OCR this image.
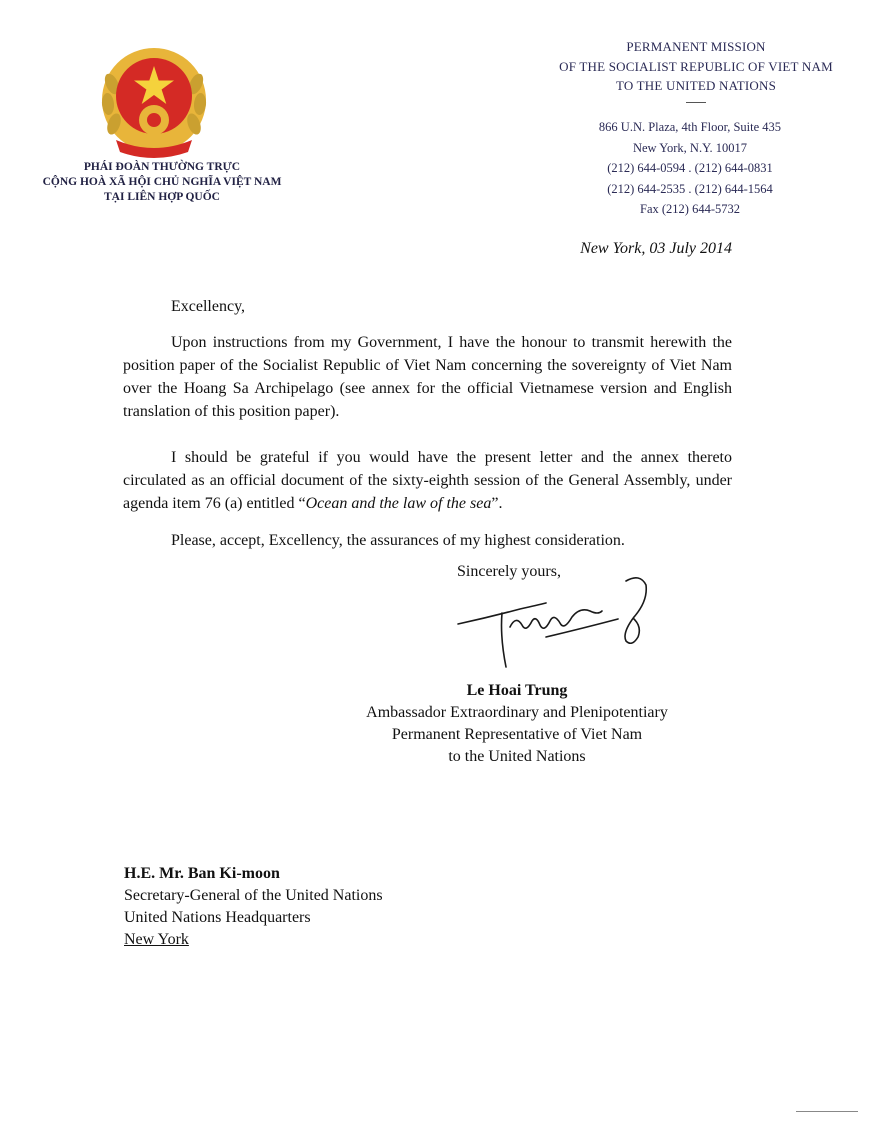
PHÁI ĐOÀN THƯỜNG TRỰC
CỘNG HOÀ XÃ HỘI CHỦ NGHĨA VIỆT NAM
TẠI LIÊN HỢP QUỐC
PERMANENT MISSION
OF THE SOCIALIST REPUBLIC OF VIET NAM
TO THE UNITED NATIONS
866 U.N. Plaza, 4th Floor, Suite 435
New York, N.Y. 10017
(212) 644-0594 . (212) 644-0831
(212) 644-2535 . (212) 644-1564
Fax (212) 644-5732
New York, 03 July 2014
Excellency,
Upon instructions from my Government, I have the honour to transmit herewith the position paper of the Socialist Republic of Viet Nam concerning the sovereignty of Viet Nam over the Hoang Sa Archipelago (see annex for the official Vietnamese version and English translation of this position paper).
I should be grateful if you would have the present letter and the annex thereto circulated as an official document of the sixty-eighth session of the General Assembly, under agenda item 76 (a) entitled “Ocean and the law of the sea”.
Please, accept, Excellency, the assurances of my highest consideration.
Sincerely yours,
Le Hoai Trung
Ambassador Extraordinary and Plenipotentiary
Permanent Representative of Viet Nam
to the United Nations
H.E. Mr. Ban Ki-moon
Secretary-General of the United Nations
United Nations Headquarters
New York
